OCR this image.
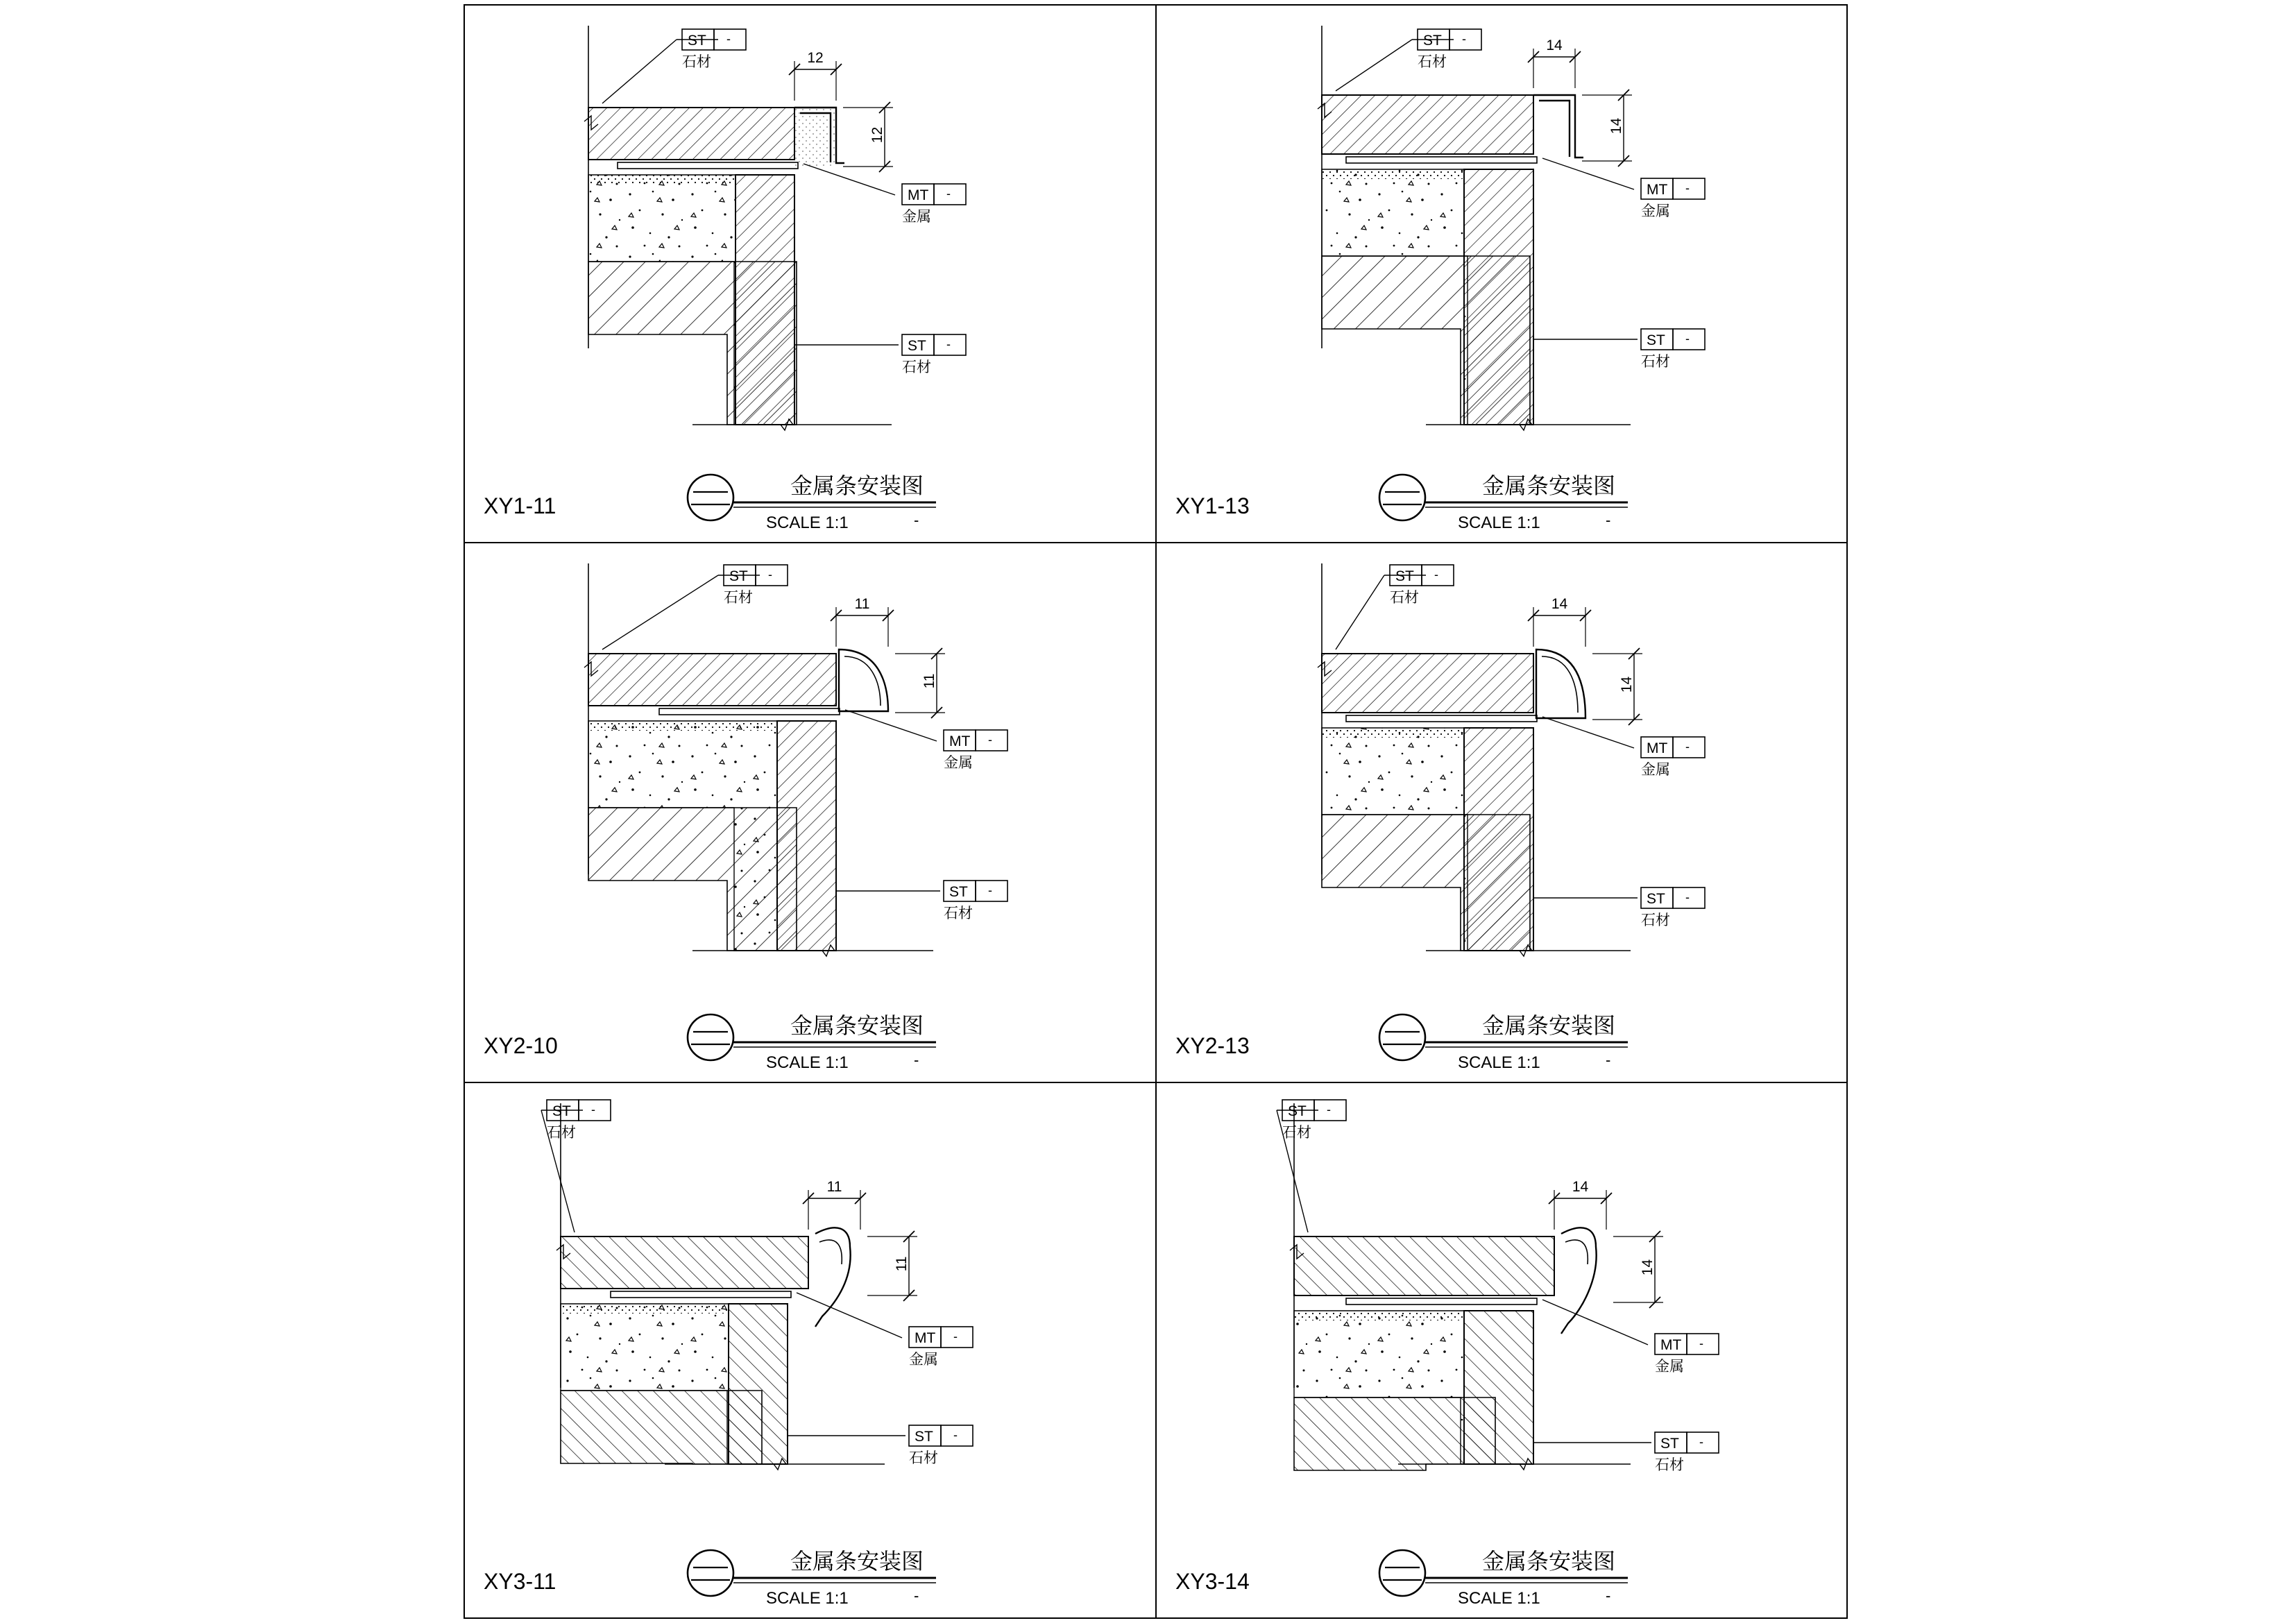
12
12
ST -
石材
MT -
金属
ST -
石材
金属条安装图
SCALE 1:1	-
XY1-11
14
14
ST -
石材
MT -
金属
ST -
石材
金属条安装图
SCALE 1:1	-
XY1-13
11
11
ST -
石材
MT -
金属
ST -
石材
金属条安装图
SCALE 1:1	-
XY2-10
14
14
ST -
石材
MT -
金属
ST -
石材
金属条安装图
SCALE 1:1	-
XY2-13
11
11
ST -
石材
MT -
金属
ST -
石材
金属条安装图
SCALE 1:1	-
XY3-11
14
14
ST -
石材
MT -
金属
ST -
石材
金属条安装图
SCALE 1:1	-
XY3-14
